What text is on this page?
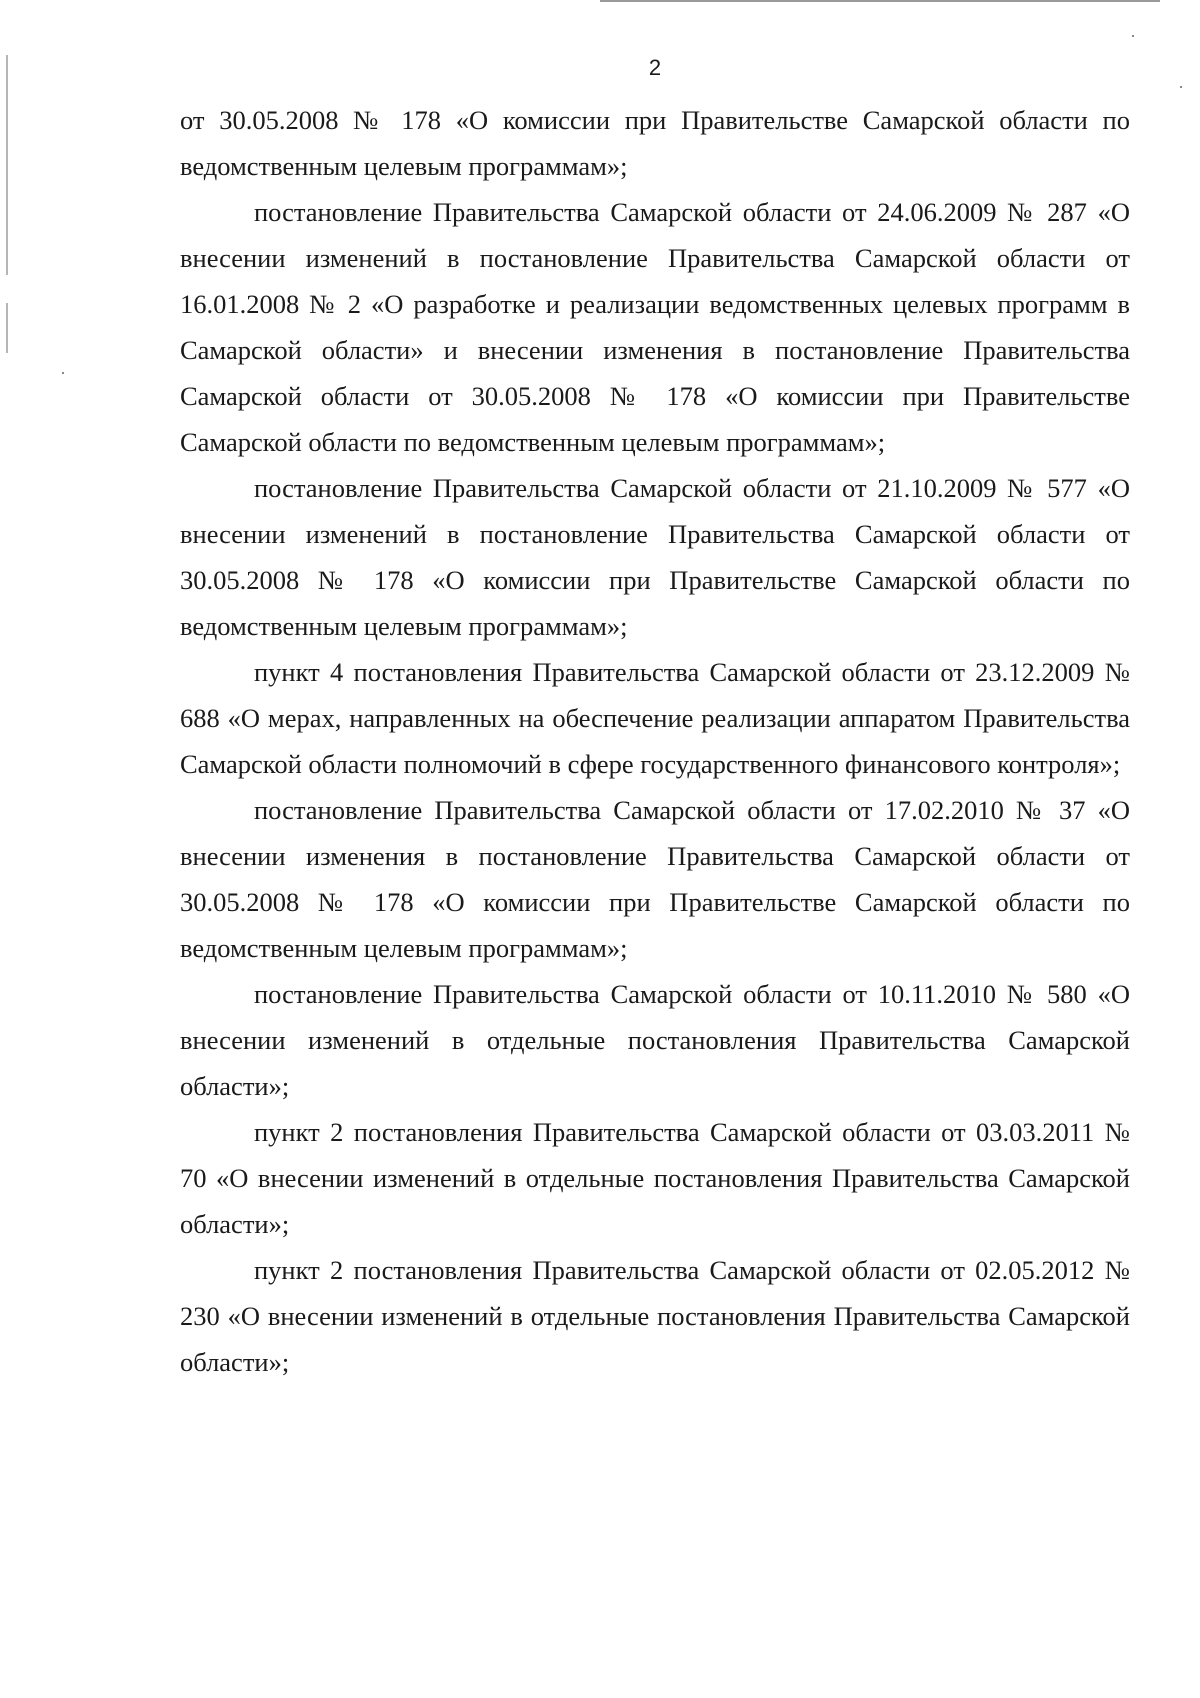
2

от 30.05.2008 № 178 «О комиссии при Правительстве Самарской области по ведомственным целевым программам»;

постановление Правительства Самарской области от 24.06.2009 № 287 «О внесении изменений в постановление Правительства Самарской области от 16.01.2008 № 2 «О разработке и реализации ведомственных целевых программ в Самарской области» и внесении изменения в постановление Правительства Самарской области от 30.05.2008 № 178 «О комиссии при Правительстве Самарской области по ведомственным целевым программам»;

постановление Правительства Самарской области от 21.10.2009 № 577 «О внесении изменений в постановление Правительства Самарской области от 30.05.2008 № 178 «О комиссии при Правительстве Самарской области по ведомственным целевым программам»;

пункт 4 постановления Правительства Самарской области от 23.12.2009 № 688 «О мерах, направленных на обеспечение реализации аппаратом Правительства Самарской области полномочий в сфере государственного финансового контроля»;

постановление Правительства Самарской области от 17.02.2010 № 37 «О внесении изменения в постановление Правительства Самарской области от 30.05.2008 № 178 «О комиссии при Правительстве Самарской области по ведомственным целевым программам»;

постановление Правительства Самарской области от 10.11.2010 № 580 «О внесении изменений в отдельные постановления Правительства Самарской области»;

пункт 2 постановления Правительства Самарской области от 03.03.2011 № 70 «О внесении изменений в отдельные постановления Правительства Самарской области»;

пункт 2 постановления Правительства Самарской области от 02.05.2012 № 230 «О внесении изменений в отдельные постановления Правительства Самарской области»;
